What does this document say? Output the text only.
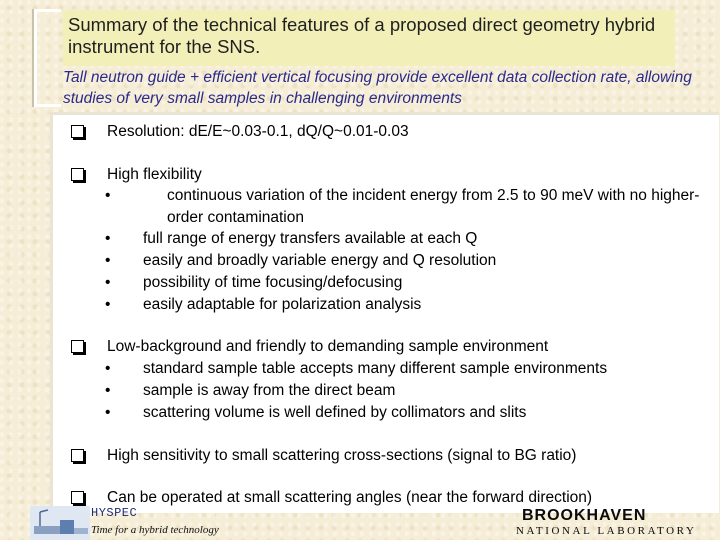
Summary of the technical features of a proposed direct geometry hybrid instrument for the SNS.
Tall neutron guide + efficient vertical focusing provide excellent data collection rate, allowing studies of very small samples in challenging environments
Resolution: dE/E~0.03-0.1, dQ/Q~0.01-0.03
High flexibility
•	continuous variation of the incident energy from 2.5 to 90 meV with no higher-order contamination
• full range of energy transfers available at each Q
• easily and broadly variable energy and Q resolution
• possibility of time focusing/defocusing
• easily adaptable for polarization analysis
Low-background and friendly to demanding sample environment
• standard sample table accepts many different sample environments
• sample is away from the direct beam
• scattering volume is well defined by collimators and slits
High sensitivity to small scattering cross-sections (signal to BG ratio)
Can be operated at small scattering angles (near the forward direction)
HYSPEC
Time for a hybrid technology
BROOKHAVEN
NATIONAL LABORATORY
